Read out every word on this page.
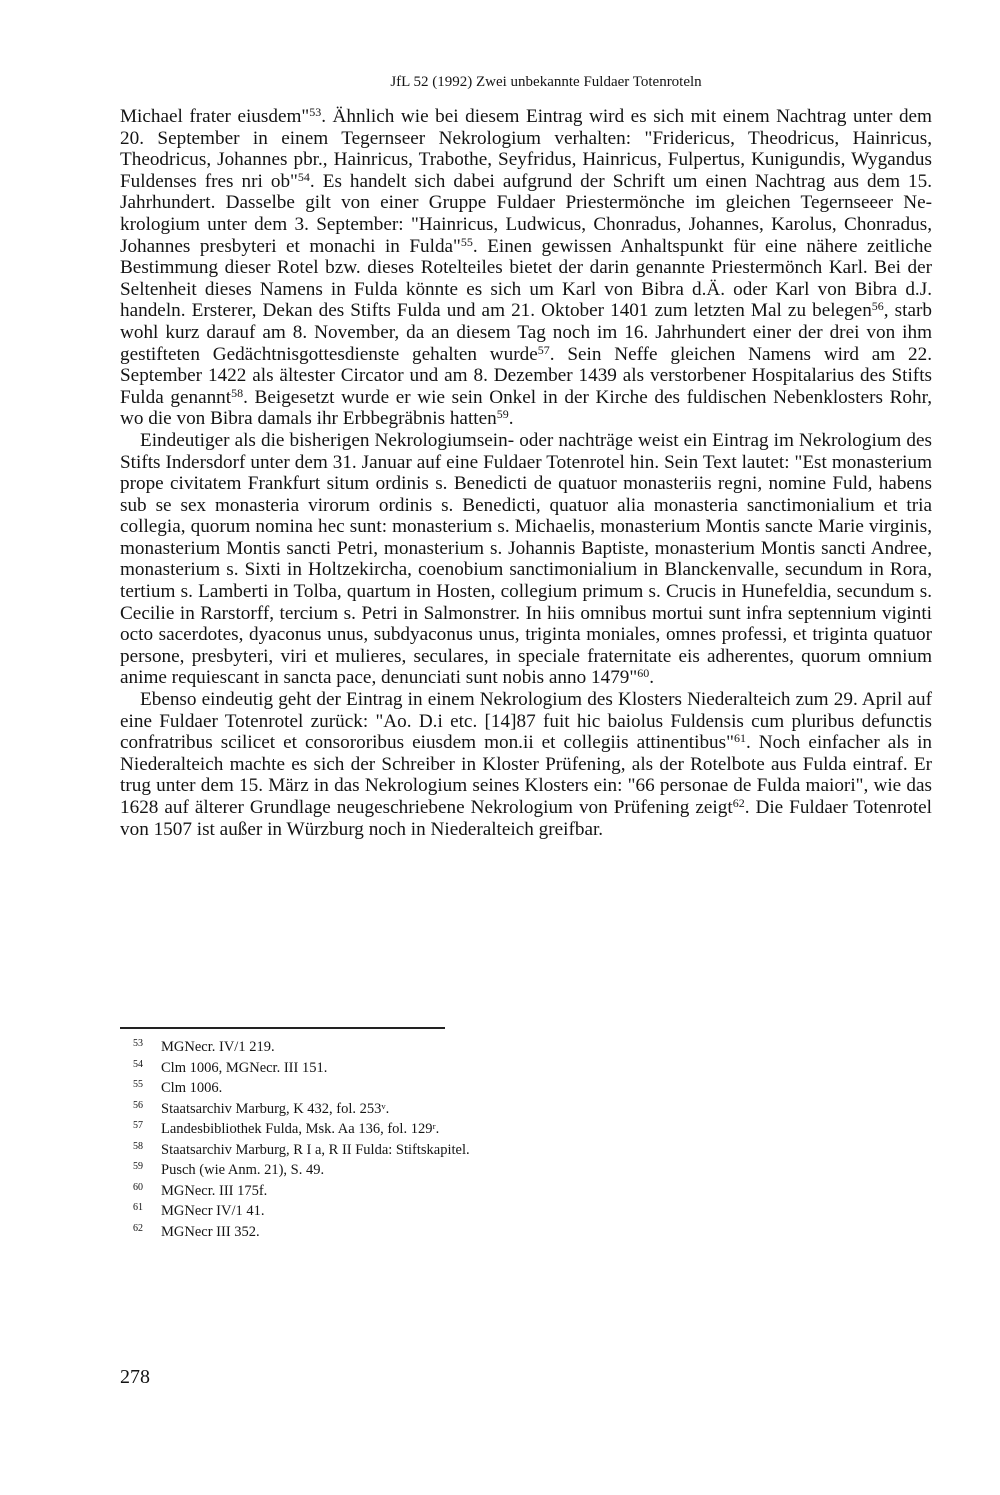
JfL 52 (1992) Zwei unbekannte Fuldaer Totenroteln

Michael frater eiusdem"$^{53}$. Ähnlich wie bei diesem Eintrag wird es sich mit einem Nachtrag unter dem 20. September in einem Tegernseer Nekrologium verhalten: "Fridericus, Theodricus, Hainricus, Theodricus, Johannes pbr., Hainricus, Trabothe, Seyfridus, Hainricus, Fulpertus, Kunigundis, Wygandus Fuldenses fres nri ob"$^{54}$. Es handelt sich dabei aufgrund der Schrift um einen Nachtrag aus dem 15. Jahrhundert. Dasselbe gilt von einer Gruppe Fuldaer Priestermönche im gleichen Tegernseeer Nekrologium unter dem 3. September: "Hainricus, Ludwicus, Chonradus, Johannes, Karolus, Chonradus, Johannes presbyteri et monachi in Fulda"$^{55}$. Einen gewissen Anhaltspunkt für eine nähere zeitliche Bestimmung dieser Rotel bzw. dieses Rotelteiles bietet der darin genannte Priestermönch Karl. Bei der Seltenheit dieses Namens in Fulda könnte es sich um Karl von Bibra d.Ä. oder Karl von Bibra d.J. handeln. Ersterer, Dekan des Stifts Fulda und am 21. Oktober 1401 zum letzten Mal zu belegen$^{56}$, starb wohl kurz darauf am 8. November, da an diesem Tag noch im 16. Jahrhundert einer der drei von ihm gestifteten Gedächtnisgottesdienste gehalten wurde$^{57}$. Sein Neffe gleichen Namens wird am 22. September 1422 als ältester Circator und am 8. Dezember 1439 als verstorbener Hospitalarius des Stifts Fulda genannt$^{58}$. Beigesetzt wurde er wie sein Onkel in der Kirche des fuldischen Nebenklosters Rohr, wo die von Bibra damals ihr Erbbegräbnis hatten$^{59}$.

Eindeutiger als die bisherigen Nekrologiumsein- oder nachträge weist ein Eintrag im Nekrologium des Stifts Indersdorf unter dem 31. Januar auf eine Fuldaer Totenrotel hin. Sein Text lautet: "Est monasterium prope civitatem Frankfurt situm ordinis s. Benedicti de quatuor monasteriis regni, nomine Fuld, habens sub se sex monasteria virorum ordinis s. Benedicti, quatuor alia monasteria sanctimonialium et tria collegia, quorum nomina hec sunt: monasterium s. Michaelis, monasterium Montis sancte Marie virginis, monasterium Montis sancti Petri, monasterium s. Johannis Baptiste, monasterium Montis sancti Andree, monasterium s. Sixti in Holtzekircha, coenobium sanctimonialium in Blanckenvalle, secundum in Rora, tertium s. Lamberti in Tolba, quartum in Hosten, collegium primum s. Crucis in Hunefeldia, secundum s. Cecilie in Rarstorff, tercium s. Petri in Salmonstrer. In hiis omnibus mortui sunt infra septennium viginti octo sacerdotes, dyaconus unus, subdyaconus unus, triginta moniales, omnes professi, et triginta quatuor persone, presbyteri, viri et mulieres, seculares, in speciale fraternitate eis adherentes, quorum omnium anime requiescant in sancta pace, denunciati sunt nobis anno 1479"$^{60}$.

Ebenso eindeutig geht der Eintrag in einem Nekrologium des Klosters Niederalteich zum 29. April auf eine Fuldaer Totenrotel zurück: "Ao. D.i etc. [14]87 fuit hic baiolus Fuldensis cum pluribus defunctis confratribus scilicet et consororibus eiusdem mon.ii et collegiis attinentibus"$^{61}$. Noch einfacher als in Niederalteich machte es sich der Schreiber in Kloster Prüfening, als der Rotelbote aus Fulda eintraf. Er trug unter dem 15. März in das Nekrologium seines Klosters ein: "66 personae de Fulda maiori", wie das 1628 auf älterer Grundlage neugeschriebene Nekrologium von Prüfening zeigt$^{62}$. Die Fuldaer Totenrotel von 1507 ist außer in Würzburg noch in Niederalteich greifbar.

53	MGNecr. IV/1 219.
54	Clm 1006, MGNecr. III 151.
55	Clm 1006.
56	Staatsarchiv Marburg, K 432, fol. 253ᵛ.
57	Landesbibliothek Fulda, Msk. Aa 136, fol. 129ʳ.
58	Staatsarchiv Marburg, R I a, R II Fulda: Stiftskapitel.
59	Pusch (wie Anm. 21), S. 49.
60	MGNecr. III 175f.
61	MGNecr IV/1 41.
62	MGNecr III 352.
278
